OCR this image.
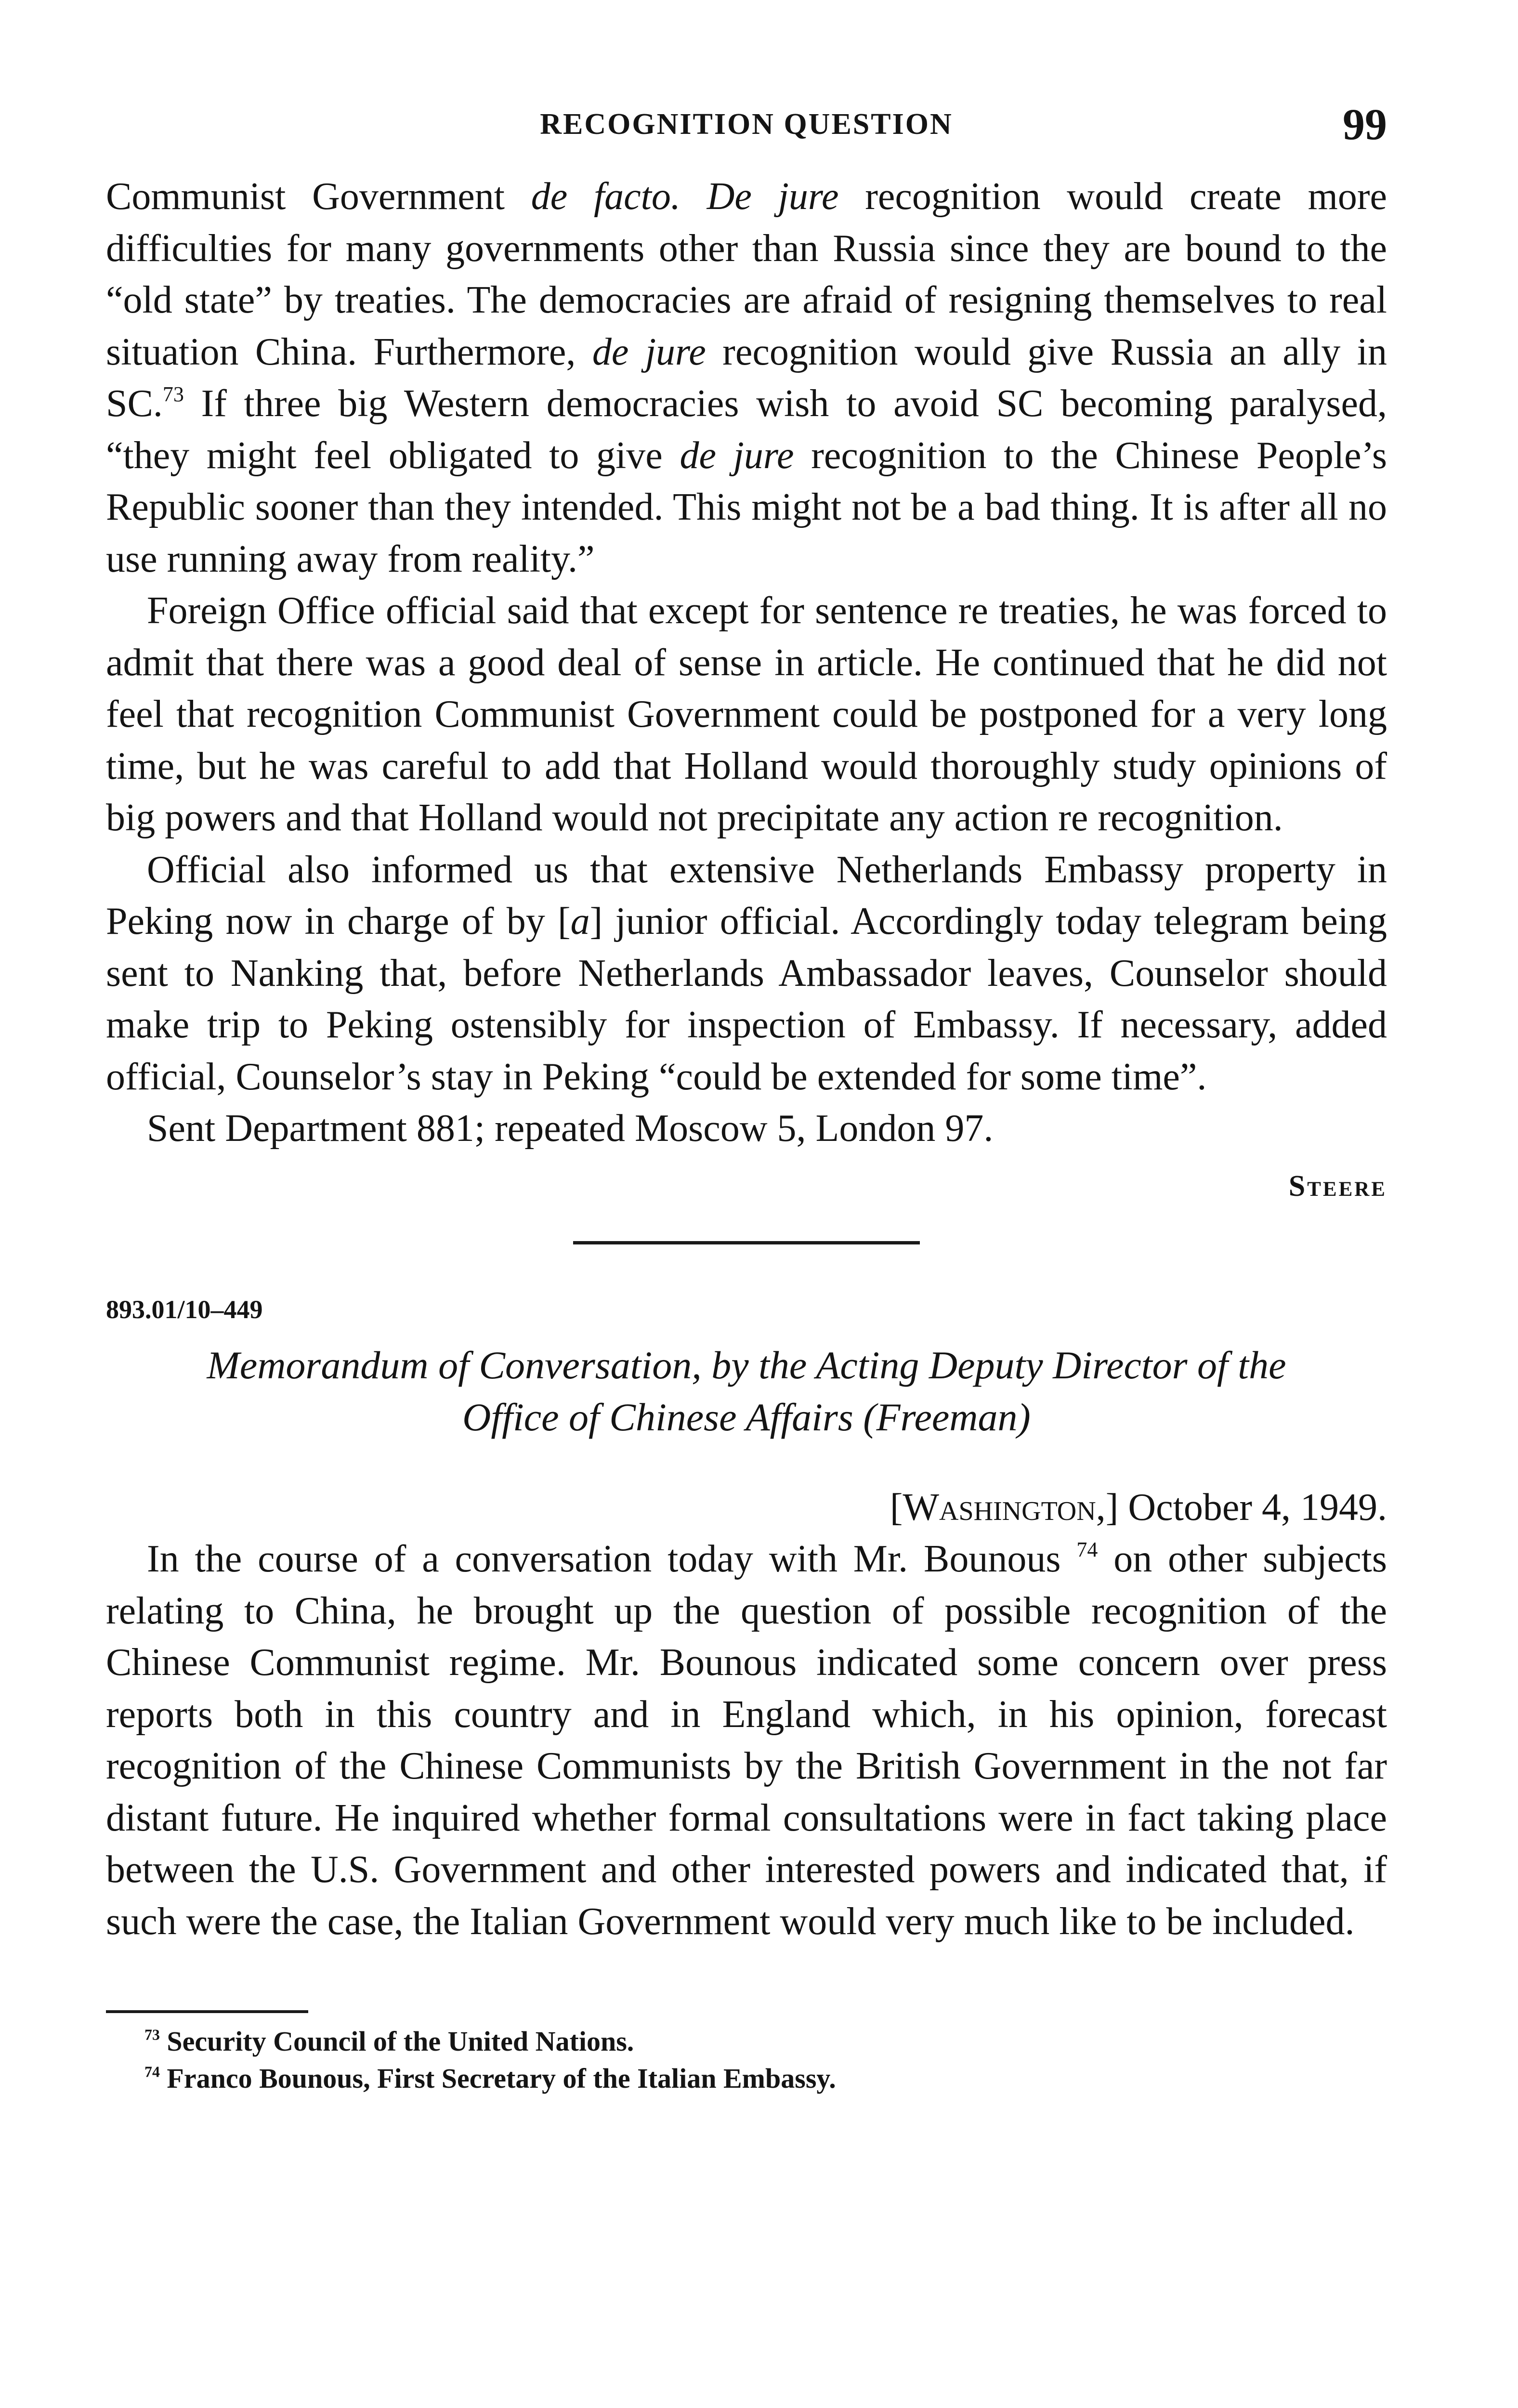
RECOGNITION QUESTION	99

Communist Government de facto. De jure recognition would create more difficulties for many governments other than Russia since they are bound to the “old state” by treaties. The democracies are afraid of resigning themselves to real situation China. Furthermore, de jure recognition would give Russia an ally in SC.$^{73}$ If three big Western democracies wish to avoid SC becoming paralysed, “they might feel obligated to give de jure recognition to the Chinese People’s Republic sooner than they intended. This might not be a bad thing. It is after all no use running away from reality.”

Foreign Office official said that except for sentence re treaties, he was forced to admit that there was a good deal of sense in article. He continued that he did not feel that recognition Communist Government could be postponed for a very long time, but he was careful to add that Holland would thoroughly study opinions of big powers and that Holland would not precipitate any action re recognition.

Official also informed us that extensive Netherlands Embassy property in Peking now in charge of by [a] junior official. Accordingly today telegram being sent to Nanking that, before Netherlands Ambassador leaves, Counselor should make trip to Peking ostensibly for inspection of Embassy. If necessary, added official, Counselor’s stay in Peking “could be extended for some time”.

Sent Department 881; repeated Moscow 5, London 97.

Steere
893.01/10–449
Memorandum of Conversation, by the Acting Deputy Director of the
Office of Chinese Affairs (Freeman)
[Washington,] October 4, 1949.

In the course of a conversation today with Mr. Bounous $^{74}$ on other subjects relating to China, he brought up the question of possible recognition of the Chinese Communist regime. Mr. Bounous indicated some concern over press reports both in this country and in England which, in his opinion, forecast recognition of the Chinese Communists by the British Government in the not far distant future. He inquired whether formal consultations were in fact taking place between the U.S. Government and other interested powers and indicated that, if such were the case, the Italian Government would very much like to be included.

$^{73}$ Security Council of the United Nations.

$^{74}$ Franco Bounous, First Secretary of the Italian Embassy.
